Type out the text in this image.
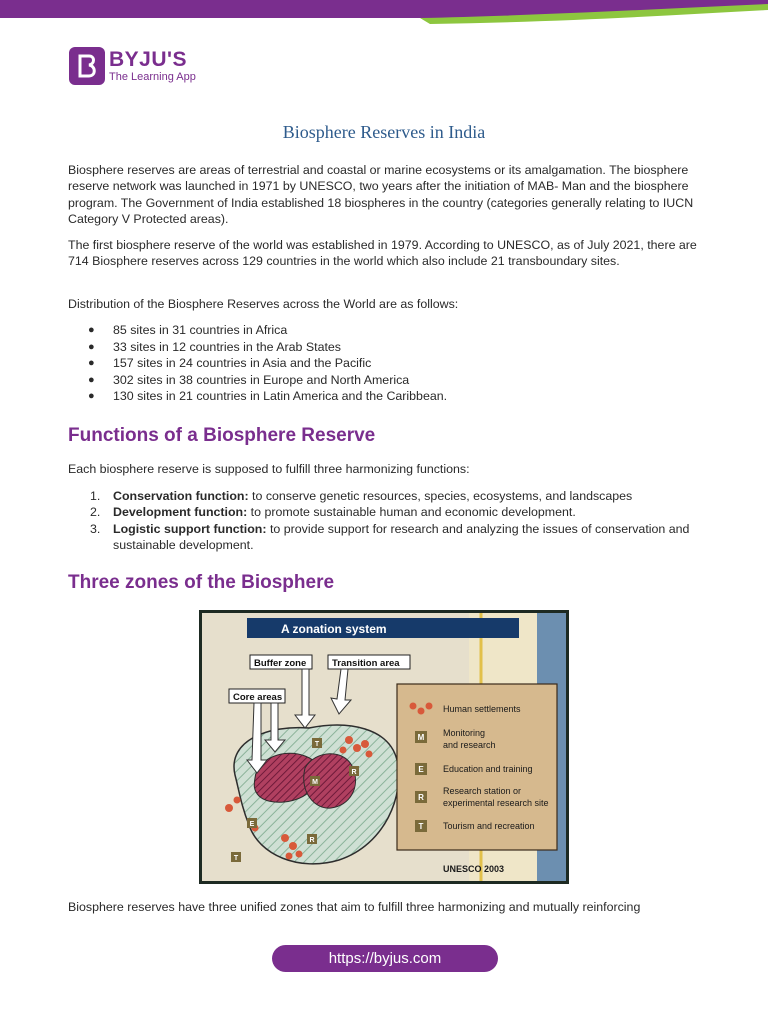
BYJU'S
The Learning App
Biosphere Reserves in India

Biosphere reserves are areas of terrestrial and coastal or marine ecosystems or its amalgamation. The biosphere reserve network was launched in 1971 by UNESCO, two years after the initiation of MAB- Man and the biosphere program. The Government of India established 18 biospheres in the country (categories generally relating to IUCN Category V Protected areas).

The first biosphere reserve of the world was established in 1979. According to UNESCO, as of July 2021, there are 714 Biosphere reserves across 129 countries in the world which also include 21 transboundary sites.

Distribution of the Biosphere Reserves across the World are as follows:

● 85 sites in 31 countries in Africa
● 33 sites in 12 countries in the Arab States
● 157 sites in 24 countries in Asia and the Pacific
● 302 sites in 38 countries in Europe and North America
● 130 sites in 21 countries in Latin America and the Caribbean.
Functions of a Biosphere Reserve

Each biosphere reserve is supposed to fulfill three harmonizing functions:

1. Conservation function: to conserve genetic resources, species, ecosystems, and landscapes
2. Development function: to promote sustainable human and economic development.
3. Logistic support function: to provide support for research and analyzing the issues of conservation and sustainable development.
Three zones of the Biosphere
A zonation system
Buffer zone	Transition area
Core areas
T
R
M
E
R
T
Human settlements
M Monitoring
and research
E Education and training
R
Research station or
experimental research site
T Tourism and recreation
UNESCO 2003

Biosphere reserves have three unified zones that aim to fulfill three harmonizing and mutually reinforcing

https://byjus.com
